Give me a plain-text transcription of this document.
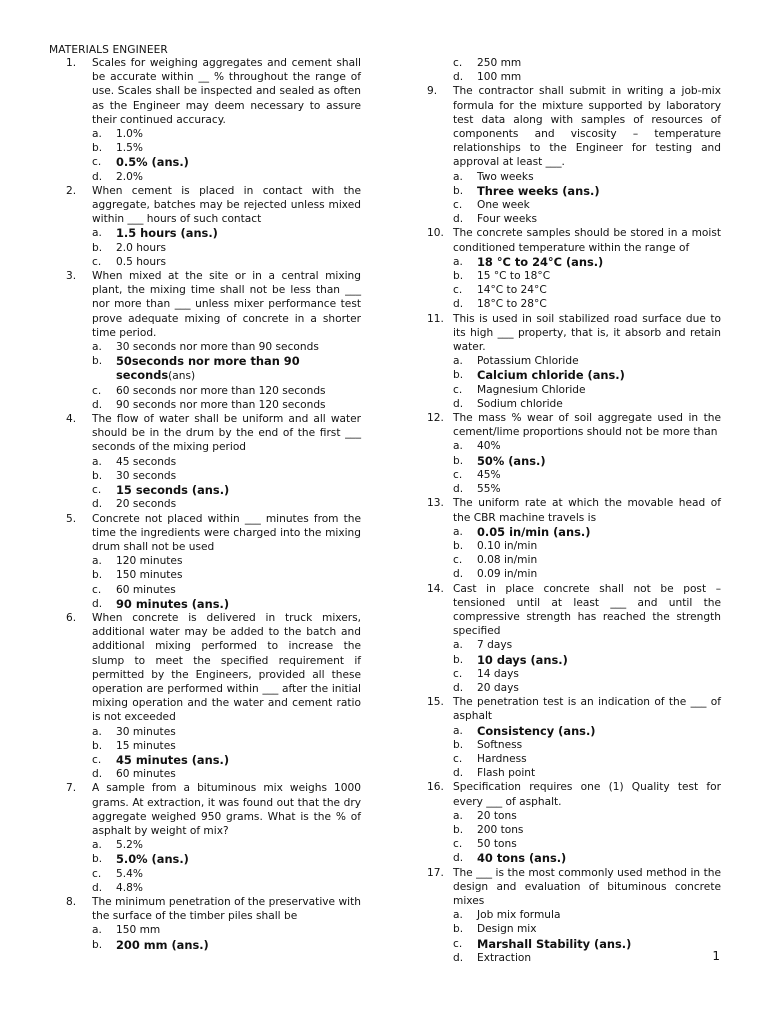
MATERIALS ENGINEER
1.	Scales for weighing aggregates and cement shall be accurate within __ % throughout the range of use. Scales shall be inspected and sealed as often as the Engineer may deem necessary to assure their continued accuracy.
a.	1.0%
b.	1.5%
c.	0.5% (ans.)
d.	2.0%
2.	When cement is placed in contact with the aggregate, batches may be rejected unless mixed within ___ hours of such contact
a.	1.5 hours (ans.)
b.	2.0 hours
c.	0.5 hours
3.	When mixed at the site or in a central mixing plant, the mixing time shall not be less than ___ nor more than ___ unless mixer performance test prove adequate mixing of concrete in a shorter time period.
a.	30 seconds nor more than 90 seconds
b.	50seconds nor more than 90 seconds(ans)
c.	60 seconds nor more than 120 seconds
d.	90 seconds nor more than 120 seconds
4.	The flow of water shall be uniform and all water should be in the drum by the end of the first ___ seconds of the mixing period
a.	45 seconds
b.	30 seconds
c.	15 seconds (ans.)
d.	20 seconds
5.	Concrete not placed within ___ minutes from the time the ingredients were charged into the mixing drum shall not be used
a.	120 minutes
b.	150 minutes
c.	60 minutes
d.	90 minutes (ans.)
6.	When concrete is delivered in truck mixers, additional water may be added to the batch and additional mixing performed to increase the slump to meet the specified requirement if permitted by the Engineers, provided all these operation are performed within ___ after the initial mixing operation and the water and cement ratio is not exceeded
a.	30 minutes
b.	15 minutes
c.	45 minutes (ans.)
d.	60 minutes
7.	A sample from a bituminous mix weighs 1000 grams. At extraction, it was found out that the dry aggregate weighed 950 grams. What is the % of asphalt by weight of mix?
a.	5.2%
b.	5.0% (ans.)
c.	5.4%
d.	4.8%
8.	The minimum penetration of the preservative with the surface of the timber piles shall be
a.	150 mm
b.	200 mm (ans.)
c.	250 mm
d.	100 mm
9.	The contractor shall submit in writing a job-mix formula for the mixture supported by laboratory test data along with samples of resources of components and viscosity – temperature relationships to the Engineer for testing and approval at least ___.
a.	Two weeks
b.	Three weeks (ans.)
c.	One week
d.	Four weeks
10. The concrete samples should be stored in a moist conditioned temperature within the range of
a.	18 °C to 24°C (ans.)
b.	15 °C to 18°C
c.	14°C to 24°C
d.	18°C to 28°C
11. This is used in soil stabilized road surface due to its high ___ property, that is, it absorb and retain water.
a.	Potassium Chloride
b.	Calcium chloride (ans.)
c.	Magnesium Chloride
d.	Sodium chloride
12. The mass % wear of soil aggregate used in the cement/lime proportions should not be more than
a.	40%
b.	50% (ans.)
c.	45%
d.	55%
13. The uniform rate at which the movable head of the CBR machine travels is
a.	0.05 in/min (ans.)
b.	0.10 in/min
c.	0.08 in/min
d.	0.09 in/min
14. Cast in place concrete shall not be post – tensioned until at least ___ and until the compressive strength has reached the strength specified
a.	7 days
b.	10 days (ans.)
c.	14 days
d.	20 days
15. The penetration test is an indication of the ___ of asphalt
a.	Consistency (ans.)
b.	Softness
c.	Hardness
d.	Flash point
16. Specification requires one (1) Quality test for every ___ of asphalt.
a.	20 tons
b.	200 tons
c.	50 tons
d.	40 tons (ans.)
17. The ___ is the most commonly used method in the design and evaluation of bituminous concrete mixes
a.	Job mix formula
b.	Design mix
c.	Marshall Stability (ans.)
d.	Extraction	1
